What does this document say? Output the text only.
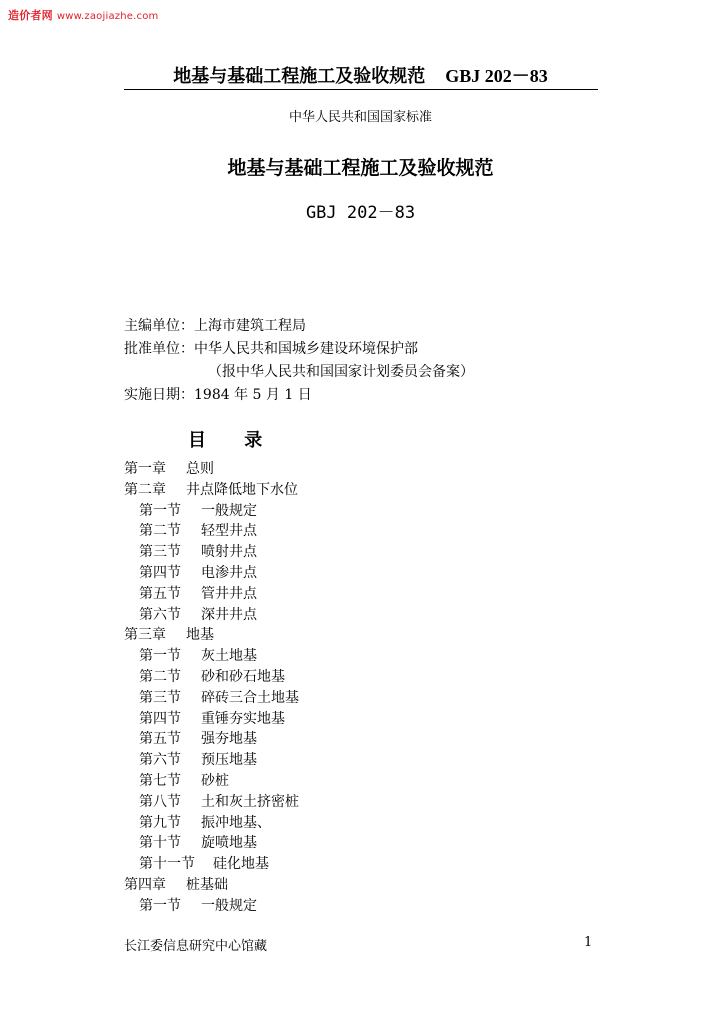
造价者网 www.zaojiazhe.com
地基与基础工程施工及验收规范 GBJ 202－83
中华人民共和国国家标准
地基与基础工程施工及验收规范
GBJ 202－83
主编单位：上海市建筑工程局
批准单位：中华人民共和国城乡建设环境保护部
（报中华人民共和国国家计划委员会备案）
实施日期：1984 年 5 月 1 日
目 录
第一章 总则
第二章 井点降低地下水位
第一节 一般规定
第二节 轻型井点
第三节 喷射井点
第四节 电渗井点
第五节 管井井点
第六节 深井井点
第三章 地基
第一节 灰土地基
第二节 砂和砂石地基
第三节 碎砖三合土地基
第四节 重锤夯实地基
第五节 强夯地基
第六节 预压地基
第七节 砂桩
第八节 土和灰土挤密桩
第九节 振冲地基、
第十节 旋喷地基
第十一节 硅化地基
第四章 桩基础
第一节 一般规定
长江委信息研究中心馆藏	1
